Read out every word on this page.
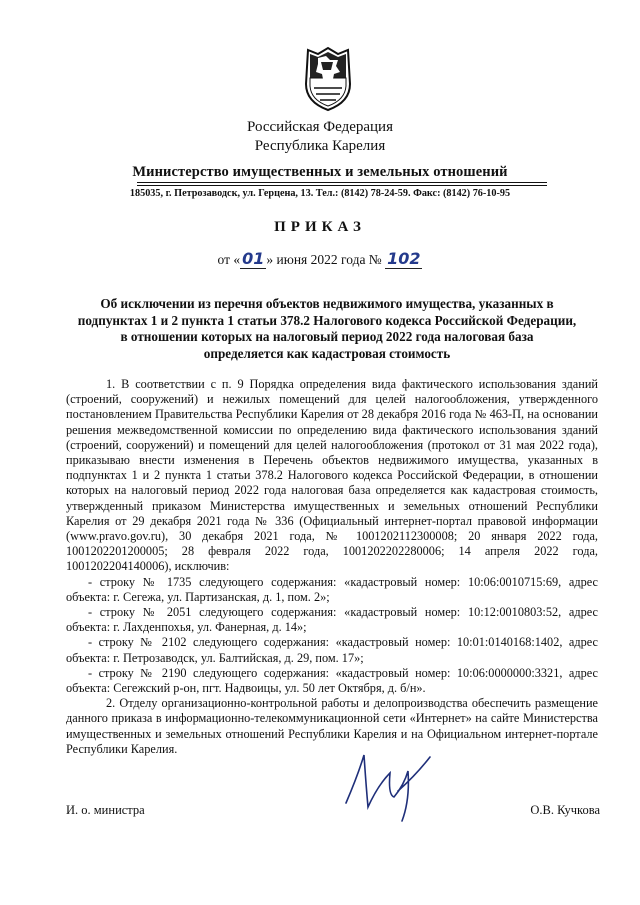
Российская Федерация
Республика Карелия
Министерство имущественных и земельных отношений
185035, г. Петрозаводск, ул. Герцена, 13. Тел.: (8142) 78-24-59. Факс: (8142) 76-10-95
ПРИКАЗ
от « 01 » июня 2022 года № 102
Об исключении из перечня объектов недвижимого имущества, указанных в
подпунктах 1 и 2 пункта 1 статьи 378.2 Налогового кодекса Российской Федерации,
в отношении которых на налоговый период 2022 года налоговая база
определяется как кадастровая стоимость

1. В соответствии с п. 9 Порядка определения вида фактического использования зданий (строений, сооружений) и нежилых помещений для целей налогообложения, утвержденного постановлением Правительства Республики Карелия от 28 декабря 2016 года № 463-П, на основании решения межведомственной комиссии по определению вида фактического использования зданий (строений, сооружений) и помещений для целей налогообложения (протокол от 31 мая 2022 года), приказываю внести изменения в Перечень объектов недвижимого имущества, указанных в подпунктах 1 и 2 пункта 1 статьи 378.2 Налогового кодекса Российской Федерации, в отношении которых на налоговый период 2022 года налоговая база определяется как кадастровая стоимость, утвержденный приказом Министерства имущественных и земельных отношений Республики Карелия от 29 декабря 2021 года № 336 (Официальный интернет-портал правовой информации (www.pravo.gov.ru), 30 декабря 2021 года, № 1001202112300008; 20 января 2022 года, 1001202201200005; 28 февраля 2022 года, 1001202202280006; 14 апреля 2022 года, 1001202204140006), исключив:

- строку № 1735 следующего содержания: «кадастровый номер: 10:06:0010715:69, адрес объекта: г. Сегежа, ул. Партизанская, д. 1, пом. 2»;

- строку № 2051 следующего содержания: «кадастровый номер: 10:12:0010803:52, адрес объекта: г. Лахденпохья, ул. Фанерная, д. 14»;

- строку № 2102 следующего содержания: «кадастровый номер: 10:01:0140168:1402, адрес объекта: г. Петрозаводск, ул. Балтийская, д. 29, пом. 17»;

- строку № 2190 следующего содержания: «кадастровый номер: 10:06:0000000:3321, адрес объекта: Сегежский р-он, пгт. Надвоицы, ул. 50 лет Октября, д. б/н».

2. Отделу организационно-контрольной работы и делопроизводства обеспечить размещение данного приказа в информационно-телекоммуникационной сети «Интернет» на сайте Министерства имущественных и земельных отношений Республики Карелия и на Официальном интернет-портале Республики Карелия.

И. о. министра	О.В. Кучкова
